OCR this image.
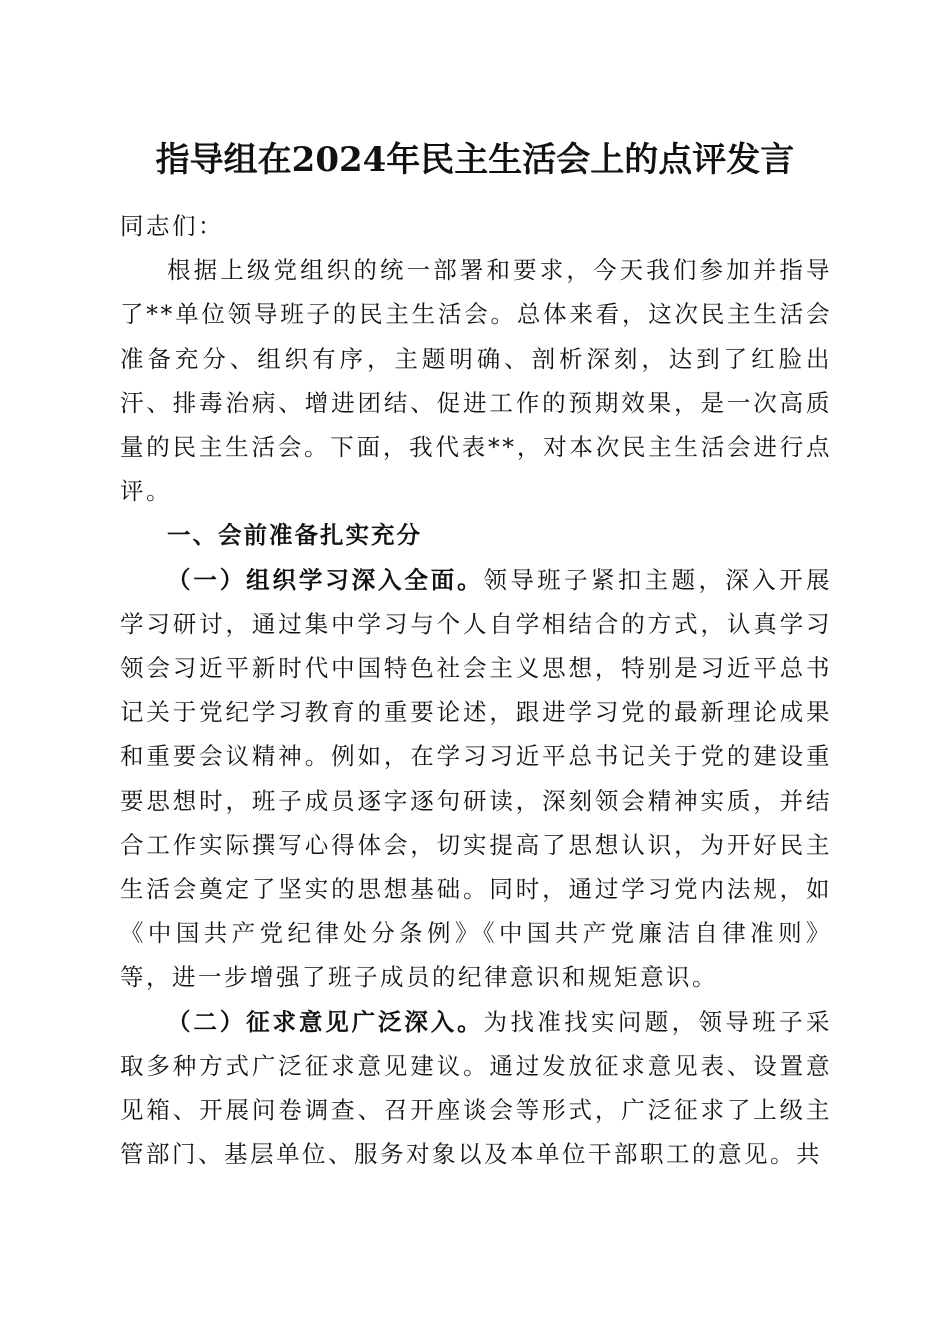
指导组在2024年民主生活会上的点评发言

同志们：

根据上级党组织的统一部署和要求，今天我们参加并指导了**单位领导班子的民主生活会。总体来看，这次民主生活会准备充分、组织有序，主题明确、剖析深刻，达到了红脸出汗、排毒治病、增进团结、促进工作的预期效果，是一次高质量的民主生活会。下面，我代表**，对本次民主生活会进行点评。

一、会前准备扎实充分

（一）组织学习深入全面。领导班子紧扣主题，深入开展学习研讨，通过集中学习与个人自学相结合的方式，认真学习领会习近平新时代中国特色社会主义思想，特别是习近平总书记关于党纪学习教育的重要论述，跟进学习党的最新理论成果和重要会议精神。例如，在学习习近平总书记关于党的建设重要思想时，班子成员逐字逐句研读，深刻领会精神实质，并结合工作实际撰写心得体会，切实提高了思想认识，为开好民主生活会奠定了坚实的思想基础。同时，通过学习党内法规，如《中国共产党纪律处分条例》《中国共产党廉洁自律准则》等，进一步增强了班子成员的纪律意识和规矩意识。

（二）征求意见广泛深入。为找准找实问题，领导班子采取多种方式广泛征求意见建议。通过发放征求意见表、设置意见箱、开展问卷调查、召开座谈会等形式，广泛征求了上级主管部门、基层单位、服务对象以及本单位干部职工的意见。共
